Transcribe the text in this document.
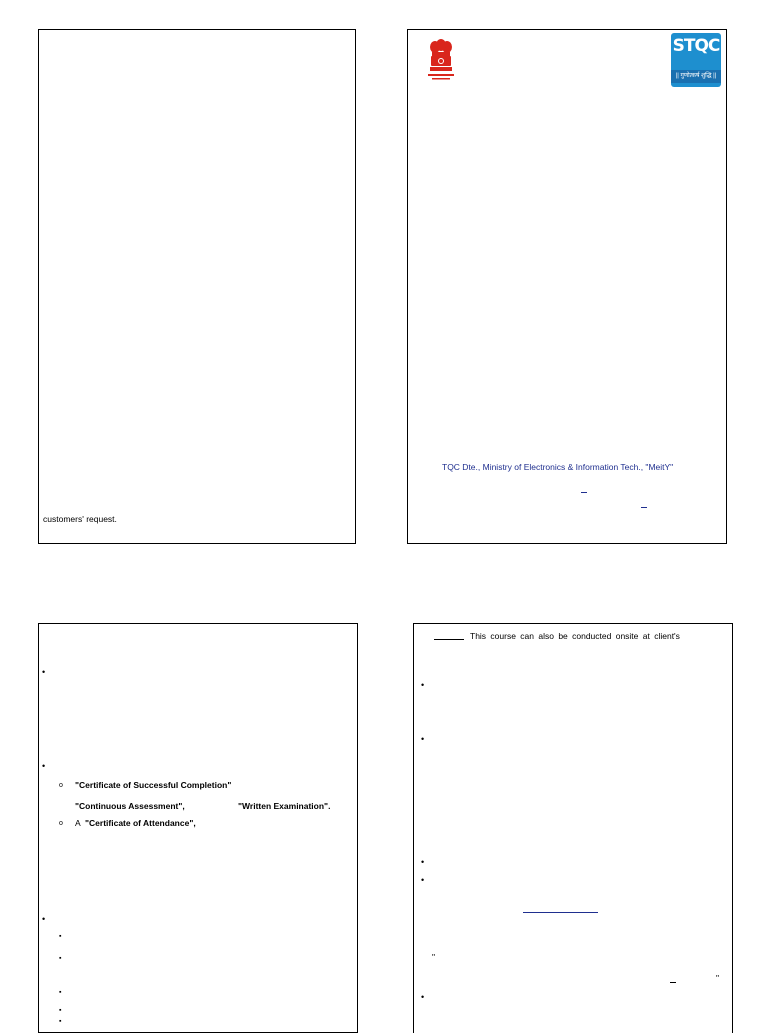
customers' request.
STQC
|| गुणोत्कर्ष शुद्धि ||
TQC Dte., Ministry of Electronics & Information Tech., "MeitY"
•
•
o "Certificate of Successful Completion"
"Continuous Assessment",	"Written Examination".
o A "Certificate of Attendance",
•
▪
▪
▪
▪
▪
This course can also be conducted onsite at client's
•
•
•
•
"
"
•
